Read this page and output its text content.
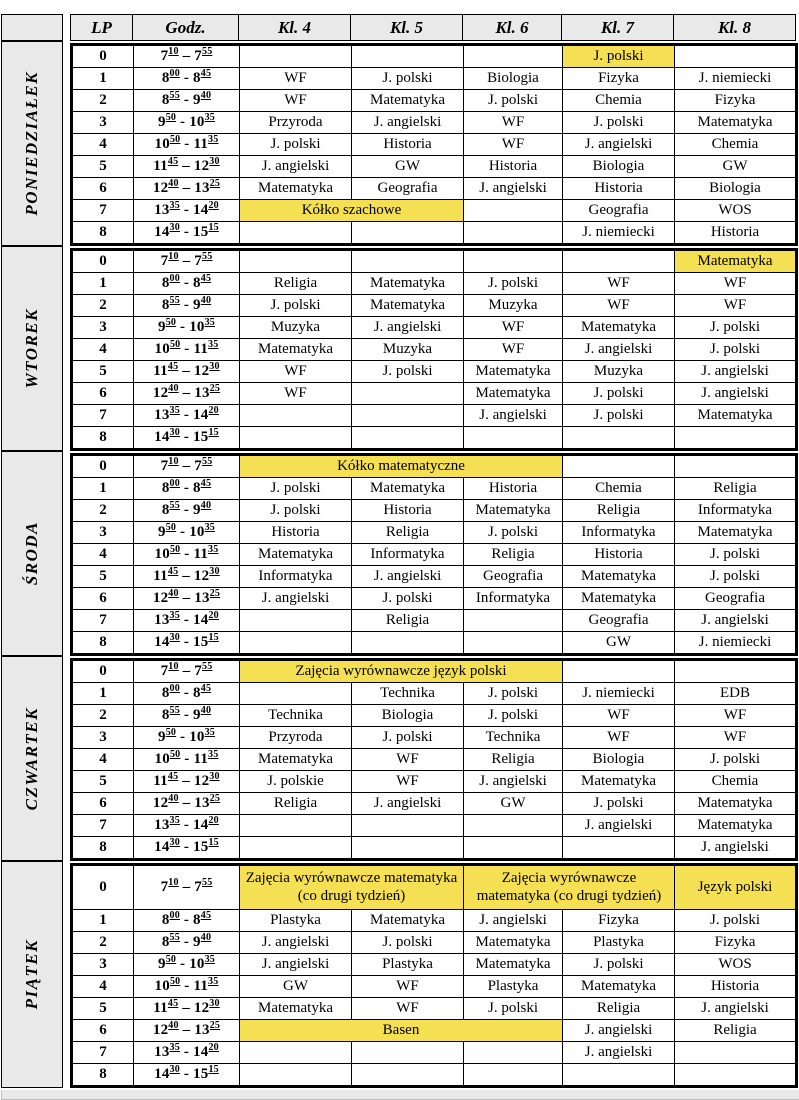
LP	Godz.	Kl. 4	Kl. 5	Kl. 6	Kl. 7	Kl. 8
PONIEDZIAŁEK
0	$7^{10} - 7^{55}$				J. polski	
1	$8^{00} - 8^{45}$	WF	J. polski	Biologia	Fizyka	J. niemiecki
2	$8^{55} - 9^{40}$	WF	Matematyka	J. polski	Chemia	Fizyka
3	$9^{50} - 10^{35}$	Przyroda	J. angielski	WF	J. polski	Matematyka
4	$10^{50} - 11^{35}$	J. polski	Historia	WF	J. angielski	Chemia
5	$11^{45} - 12^{30}$	J. angielski	GW	Historia	Biologia	GW
6	$12^{40} - 13^{25}$	Matematyka	Geografia	J. angielski	Historia	Biologia
7	$13^{35} - 14^{20}$	Kółko szachowe			Geografia	WOS
8	$14^{30} - 15^{15}$				J. niemiecki	Historia
WTOREK
0	$7^{10} - 7^{55}$					Matematyka
1	$8^{00} - 8^{45}$	Religia	Matematyka	J. polski	WF	WF
2	$8^{55} - 9^{40}$	J. polski	Matematyka	Muzyka	WF	WF
3	$9^{50} - 10^{35}$	Muzyka	J. angielski	WF	Matematyka	J. polski
4	$10^{50} - 11^{35}$	Matematyka	Muzyka	WF	J. angielski	J. polski
5	$11^{45} - 12^{30}$	WF	J. polski	Matematyka	Muzyka	J. angielski
6	$12^{40} - 13^{25}$	WF		Matematyka	J. polski	J. angielski
7	$13^{35} - 14^{20}$			J. angielski	J. polski	Matematyka
8	$14^{30} - 15^{15}$					
ŚRODA
0	$7^{10} - 7^{55}$	Kółko matematyczne				
1	$8^{00} - 8^{45}$	J. polski	Matematyka	Historia	Chemia	Religia
2	$8^{55} - 9^{40}$	J. polski	Historia	Matematyka	Religia	Informatyka
3	$9^{50} - 10^{35}$	Historia	Religia	J. polski	Informatyka	Matematyka
4	$10^{50} - 11^{35}$	Matematyka	Informatyka	Religia	Historia	J. polski
5	$11^{45} - 12^{30}$	Informatyka	J. angielski	Geografia	Matematyka	J. polski
6	$12^{40} - 13^{25}$	J. angielski	J. polski	Informatyka	Matematyka	Geografia
7	$13^{35} - 14^{20}$		Religia		Geografia	J. angielski
8	$14^{30} - 15^{15}$				GW	J. niemiecki
CZWARTEK
0	$7^{10} - 7^{55}$	Zajęcia wyrównawcze język polski				
1	$8^{00} - 8^{45}$		Technika	J. polski	J. niemiecki	EDB
2	$8^{55} - 9^{40}$	Technika	Biologia	J. polski	WF	WF
3	$9^{50} - 10^{35}$	Przyroda	J. polski	Technika	WF	WF
4	$10^{50} - 11^{35}$	Matematyka	WF	Religia	Biologia	J. polski
5	$11^{45} - 12^{30}$	J. polskie	WF	J. angielski	Matematyka	Chemia
6	$12^{40} - 13^{25}$	Religia	J. angielski	GW	J. polski	Matematyka
7	$13^{35} - 14^{20}$				J. angielski	Matematyka
8	$14^{30} - 15^{15}$					J. angielski
PIĄTEK
0	$7^{10} - 7^{55}$	Zajęcia wyrównawcze matematyka (co drugi tydzień)		Zajęcia wyrównawcze matematyka (co drugi tydzień)		Język polski
1	$8^{00} - 8^{45}$	Plastyka	Matematyka	J. angielski	Fizyka	J. polski
2	$8^{55} - 9^{40}$	J. angielski	J. polski	Matematyka	Plastyka	Fizyka
3	$9^{50} - 10^{35}$	J. angielski	Plastyka	Matematyka	J. polski	WOS
4	$10^{50} - 11^{35}$	GW	WF	Plastyka	Matematyka	Historia
5	$11^{45} - 12^{30}$	Matematyka	WF	J. polski	Religia	J. angielski
6	$12^{40} - 13^{25}$	Basen			J. angielski	Religia
7	$13^{35} - 14^{20}$				J. angielski	
8	$14^{30} - 15^{15}$					
